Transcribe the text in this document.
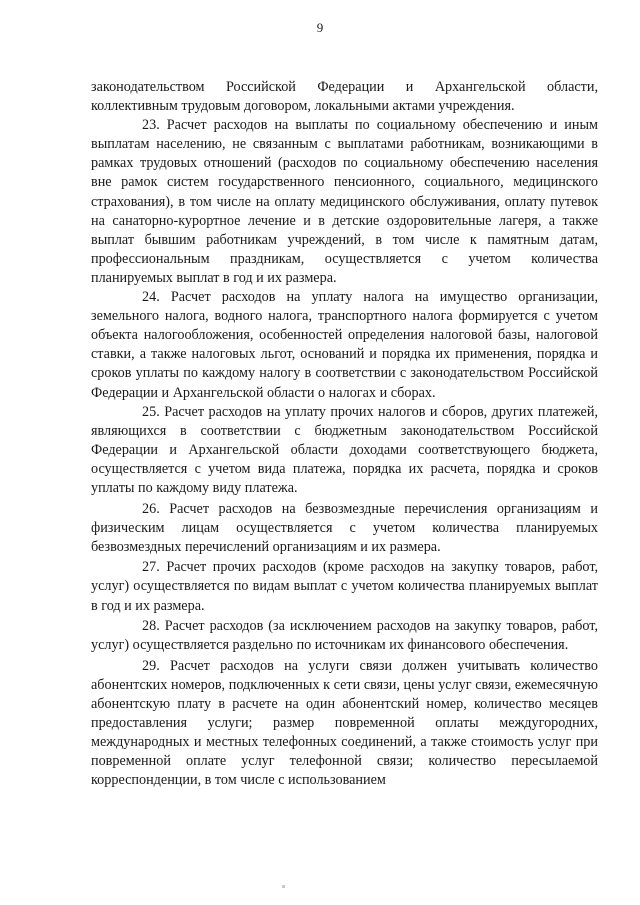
9

законодательством Российской Федерации и Архангельской области, коллективным трудовым договором, локальными актами учреждения.

23. Расчет расходов на выплаты по социальному обеспечению и иным выплатам населению, не связанным с выплатами работникам, возникающими в рамках трудовых отношений (расходов по социальному обеспечению населения вне рамок систем государственного пенсионного, социального, медицинского страхования), в том числе на оплату медицинского обслуживания, оплату путевок на санаторно-курортное лечение и в детские оздоровительные лагеря, а также выплат бывшим работникам учреждений, в том числе к памятным датам, профессиональным праздникам, осуществляется с учетом количества планируемых выплат в год и их размера.

24. Расчет расходов на уплату налога на имущество организации, земельного налога, водного налога, транспортного налога формируется с учетом объекта налогообложения, особенностей определения налоговой базы, налоговой ставки, а также налоговых льгот, оснований и порядка их применения, порядка и сроков уплаты по каждому налогу в соответствии с законодательством Российской Федерации и Архангельской области о налогах и сборах.

25. Расчет расходов на уплату прочих налогов и сборов, других платежей, являющихся в соответствии с бюджетным законодательством Российской Федерации и Архангельской области доходами соответствующего бюджета, осуществляется с учетом вида платежа, порядка их расчета, порядка и сроков уплаты по каждому виду платежа.

26. Расчет расходов на безвозмездные перечисления организациям и физическим лицам осуществляется с учетом количества планируемых безвозмездных перечислений организациям и их размера.

27. Расчет прочих расходов (кроме расходов на закупку товаров, работ, услуг) осуществляется по видам выплат с учетом количества планируемых выплат в год и их размера.

28. Расчет расходов (за исключением расходов на закупку товаров, работ, услуг) осуществляется раздельно по источникам их финансового обеспечения.

29. Расчет расходов на услуги связи должен учитывать количество абонентских номеров, подключенных к сети связи, цены услуг связи, ежемесячную абонентскую плату в расчете на один абонентский номер, количество месяцев предоставления услуги; размер повременной оплаты междугородних, международных и местных телефонных соединений, а также стоимость услуг при повременной оплате услуг телефонной связи; количество пересылаемой корреспонденции, в том числе с использованием
